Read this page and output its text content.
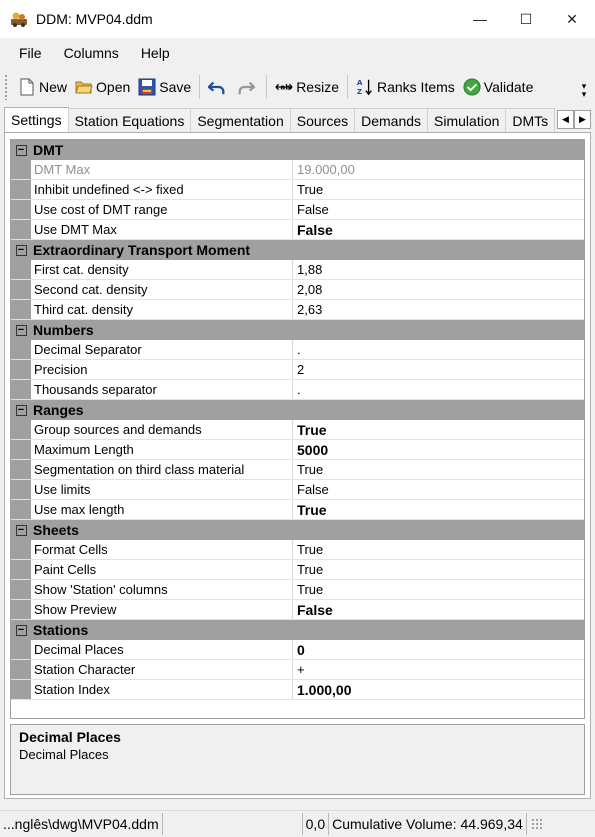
DDM: MVP04.ddm	— ☐ ✕
File	Columns	Help
New Open Save	ab Resize A
Z Ranks Items Validate	▾
▾
Settings Station Equations Segmentation Sources Demands Simulation DMTs	◀	▶
− DMT
DMT Max	19.000,00
Inhibit undefined <-> fixed	True
Use cost of DMT range	False
Use DMT Max	False
− Extraordinary Transport Moment
First cat. density	1,88
Second cat. density	2,08
Third cat. density	2,63
− Numbers
Decimal Separator	.
Precision	2
Thousands separator	.
− Ranges
Group sources and demands	True
Maximum Length	5000
Segmentation on third class material	True
Use limits	False
Use max length	True
− Sheets
Format Cells	True
Paint Cells	True
Show 'Station' columns	True
Show Preview	False
− Stations
Decimal Places	0
Station Character	+
Station Index	1.000,00
Decimal Places
Decimal Places
...nglês\dwg\MVP04.ddm	0,0 Cumulative Volume: 44.969,34
